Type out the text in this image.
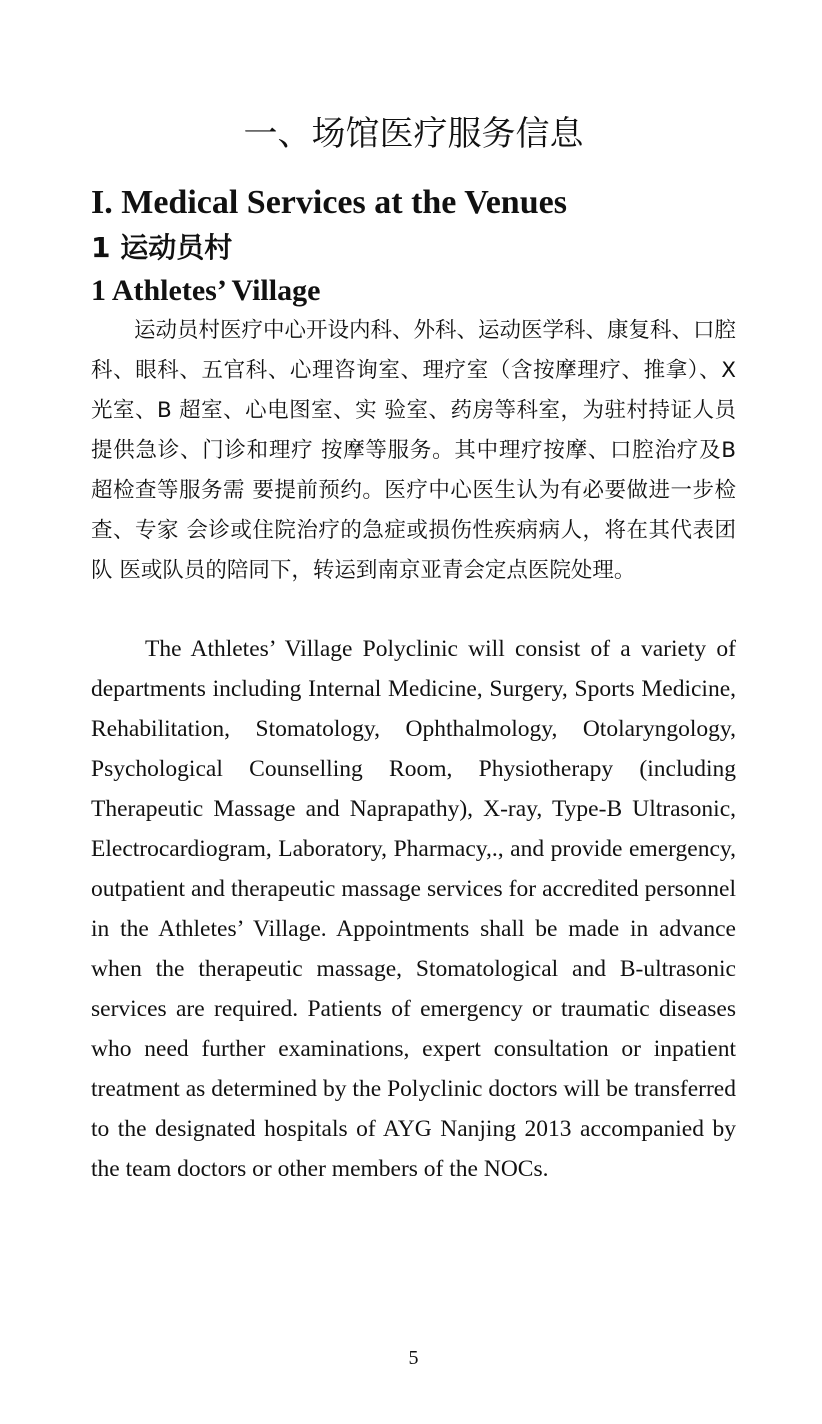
一、场馆医疗服务信息
I. Medical Services at the Venues
1 运动员村
1 Athletes’ Village

运动员村医疗中心开设内科、外科、运动医学科、康复科、口腔科、眼科、五官科、心理咨询室、理疗室（含按摩理疗、推拿）、X 光室、B 超室、心电图室、实 验室、药房等科室，为驻村持证人员提供急诊、门诊和理疗 按摩等服务。其中理疗按摩、口腔治疗及B 超检查等服务需 要提前预约。医疗中心医生认为有必要做进一步检查、专家 会诊或住院治疗的急症或损伤性疾病病人，将在其代表团队 医或队员的陪同下，转运到南京亚青会定点医院处理。

The Athletes’ Village Polyclinic will consist of a variety of departments including Internal Medicine, Surgery, Sports Medicine, Rehabilitation, Stomatology, Ophthalmology, Otolaryngology, Psychological Counselling Room, Physiotherapy (including Therapeutic Massage and Naprapathy), X-ray, Type-B Ultrasonic, Electrocardiogram, Laboratory, Pharmacy,., and provide emergency, outpatient and therapeutic massage services for accredited personnel in the Athletes’ Village. Appointments shall be made in advance when the therapeutic massage, Stomatological and B-ultrasonic services are required. Patients of emergency or traumatic diseases who need further examinations, expert consultation or inpatient treatment as determined by the Polyclinic doctors will be transferred to the designated hospitals of AYG Nanjing 2013 accompanied by the team doctors or other members of the NOCs.

5
